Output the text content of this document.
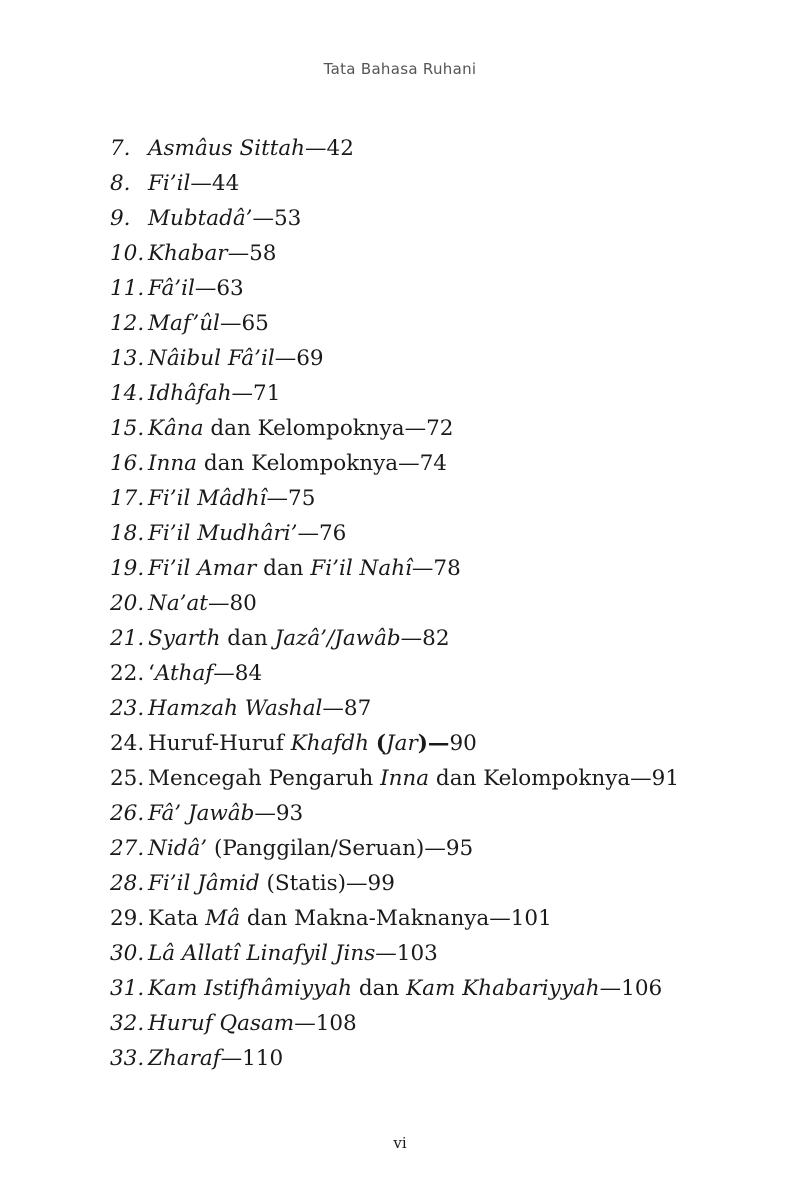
Tata Bahasa Ruhani
7. Asmâus Sittah—42
8. Fi’il—44
9. Mubtadâ’—53
10. Khabar—58
11. Fâ’il—63
12. Maf’ûl—65
13. Nâibul Fâ’il—69
14. Idhâfah—71
15. Kâna dan Kelompoknya—72
16. Inna dan Kelompoknya—74
17. Fi’il Mâdhî—75
18. Fi’il Mudhâri’—76
19. Fi’il Amar dan Fi’il Nahî—78
20. Na’at—80
21. Syarth dan Jazâ’/Jawâb—82
22. ‘Athaf—84
23. Hamzah Washal—87
24. Huruf-Huruf Khafdh (Jar)—90
25. Mencegah Pengaruh Inna dan Kelompoknya—91
26. Fâ’ Jawâb—93
27. Nidâ’ (Panggilan/Seruan)—95
28. Fi’il Jâmid (Statis)—99
29. Kata Mâ dan Makna-Maknanya—101
30. Lâ Allatî Linafyil Jins—103
31. Kam Istifhâmiyyah dan Kam Khabariyyah—106
32. Huruf Qasam—108
33. Zharaf—110
vi
